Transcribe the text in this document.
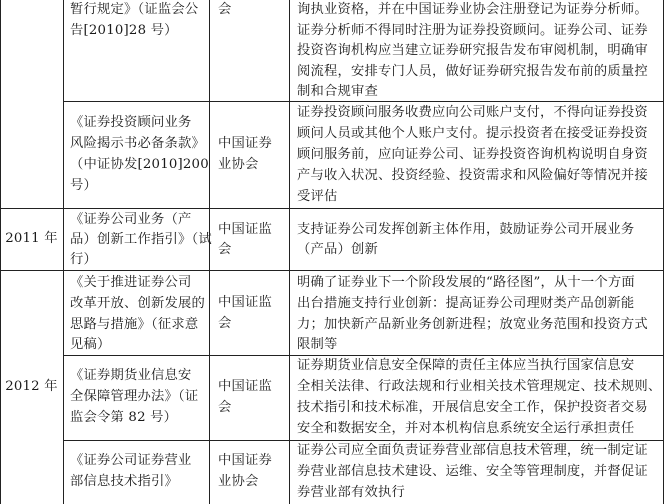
暂行规定》（证监会公
告[2010]28 号）
会	询执业资格，并在中国证券业协会注册登记为证券分析师。
证券分析师不得同时注册为证券投资顾问。证券公司、证券
投资咨询机构应当建立证券研究报告发布审阅机制，明确审
阅流程，安排专门人员，做好证券研究报告发布前的质量控
制和合规审查
《证券投资顾问业务
风险揭示书必备条款》
（中证协发[2010]200
号）
中国证券
业协会
证券投资顾问服务收费应向公司账户支付，不得向证券投资
顾问人员或其他个人账户支付。提示投资者在接受证券投资
顾问服务前，应向证券公司、证券投资咨询机构说明自身资
产与收入状况、投资经验、投资需求和风险偏好等情况并接
受评估
2011 年
《证券公司业务（产
品）创新工作指引》（试
行）
中国证监
会
支持证券公司发挥创新主体作用，鼓励证券公司开展业务
（产品）创新
《关于推进证券公司
改革开放、创新发展的
思路与措施》（征求意
见稿）
中国证监
会
明确了证券业下一个阶段发展的“路径图”，从十一个方面
出台措施支持行业创新：提高证券公司理财类产品创新能
力；加快新产品新业务创新进程；放宽业务范围和投资方式
限制等
2012 年
《证券期货业信息安
全保障管理办法》（证
监会令第 82 号）
中国证监
会
证券期货业信息安全保障的责任主体应当执行国家信息安
全相关法律、行政法规和行业相关技术管理规定、技术规则、
技术指引和技术标准，开展信息安全工作，保护投资者交易
安全和数据安全，并对本机构信息系统安全运行承担责任
《证券公司证券营业
部信息技术指引》
中国证券
业协会
证券公司应全面负责证券营业部信息技术管理，统一制定证
券营业部信息技术建设、运维、安全等管理制度，并督促证
券营业部有效执行
